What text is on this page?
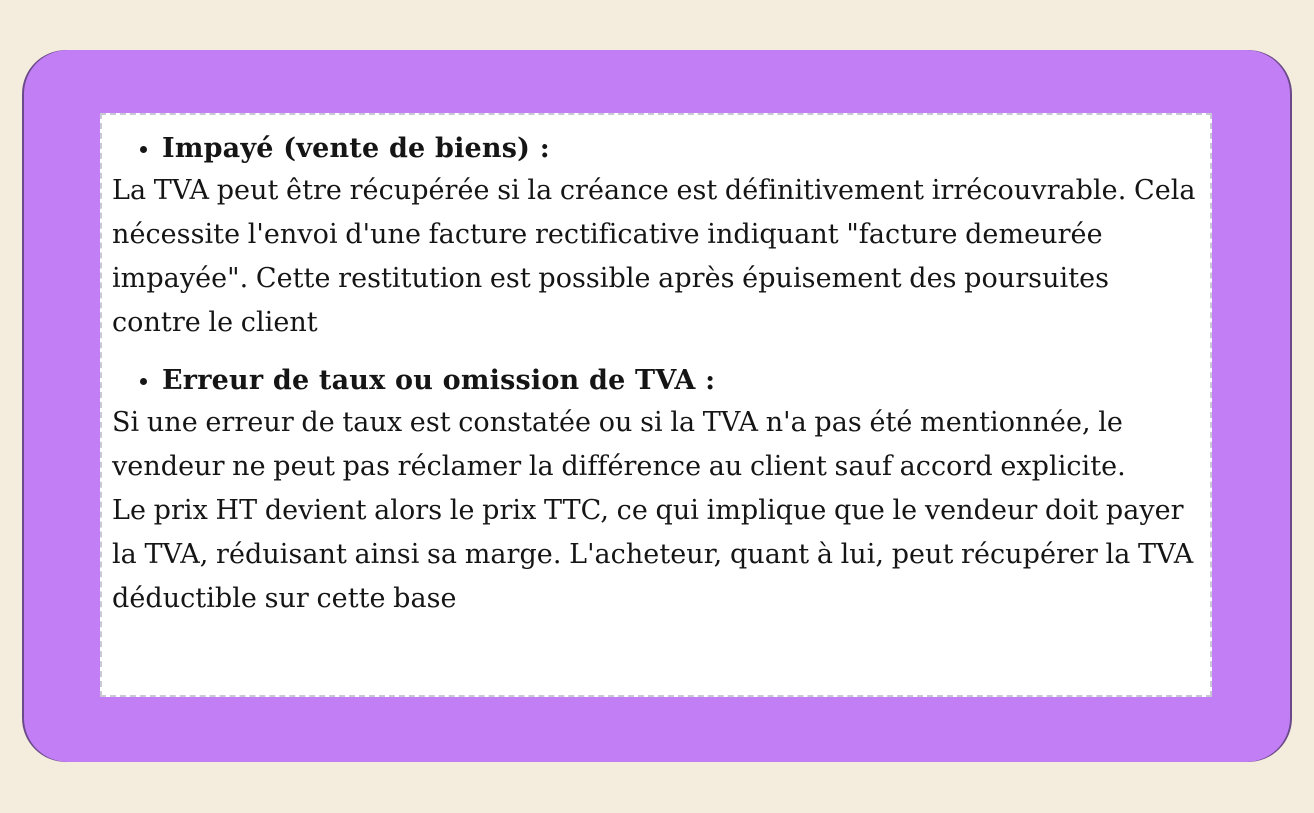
Impayé (vente de biens) :

La TVA peut être récupérée si la créance est définitivement irrécouvrable. Cela nécessite l'envoi d'une facture rectificative indiquant "facture demeurée impayée". Cette restitution est possible après épuisement des poursuites contre le client

Erreur de taux ou omission de TVA :

Si une erreur de taux est constatée ou si la TVA n'a pas été mentionnée, le vendeur ne peut pas réclamer la différence au client sauf accord explicite.

Le prix HT devient alors le prix TTC, ce qui implique que le vendeur doit payer la TVA, réduisant ainsi sa marge. L'acheteur, quant à lui, peut récupérer la TVA déductible sur cette base
